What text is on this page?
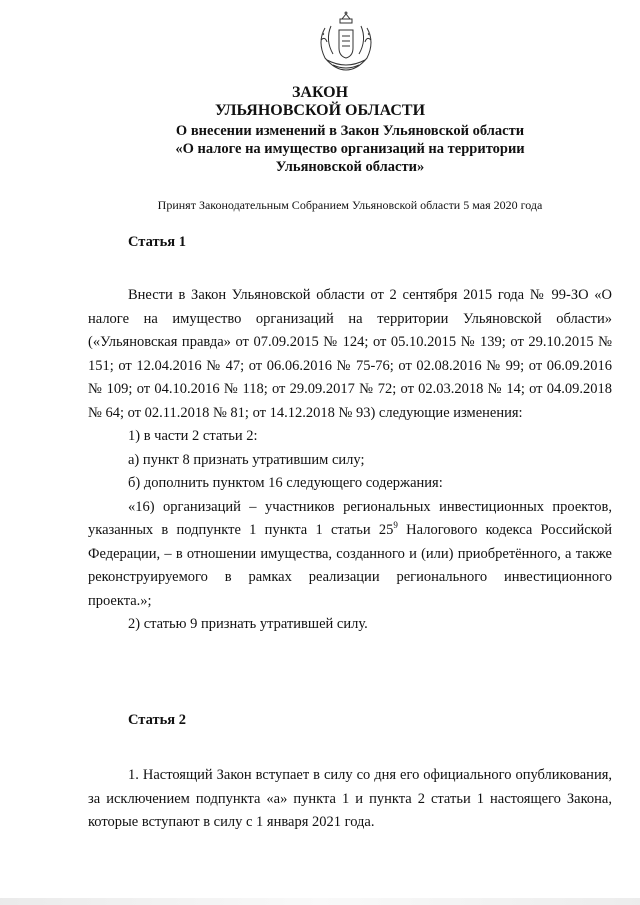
ЗАКОН
УЛЬЯНОВСКОЙ ОБЛАСТИ
О внесении изменений в Закон Ульяновской области
«О налоге на имущество организаций на территории
Ульяновской области»

Принят Законодательным Собранием Ульяновской области 5 мая 2020 года

Статья 1

Внести в Закон Ульяновской области от 2 сентября 2015 года № 99-ЗО «О налоге на имущество организаций на территории Ульяновской области» («Ульяновская правда» от 07.09.2015 № 124; от 05.10.2015 № 139; от 29.10.2015 № 151; от 12.04.2016 № 47; от 06.06.2016 № 75-76; от 02.08.2016 № 99; от 06.09.2016 № 109; от 04.10.2016 № 118; от 29.09.2017 № 72; от 02.03.2018 № 14; от 04.09.2018 № 64; от 02.11.2018 № 81; от 14.12.2018 № 93) следующие изменения:

1) в части 2 статьи 2:

а) пункт 8 признать утратившим силу;

б) дополнить пунктом 16 следующего содержания:

«16) организаций – участников региональных инвестиционных проектов, указанных в подпункте 1 пункта 1 статьи $25^9$ Налогового кодекса Российской Федерации, – в отношении имущества, созданного и (или) приобретённого, а также реконструируемого в рамках реализации регионального инвестиционного проекта.»;

2) статью 9 признать утратившей силу.

Статья 2

1. Настоящий Закон вступает в силу со дня его официального опубликования, за исключением подпункта «а» пункта 1 и пункта 2 статьи 1 настоящего Закона, которые вступают в силу с 1 января 2021 года.
